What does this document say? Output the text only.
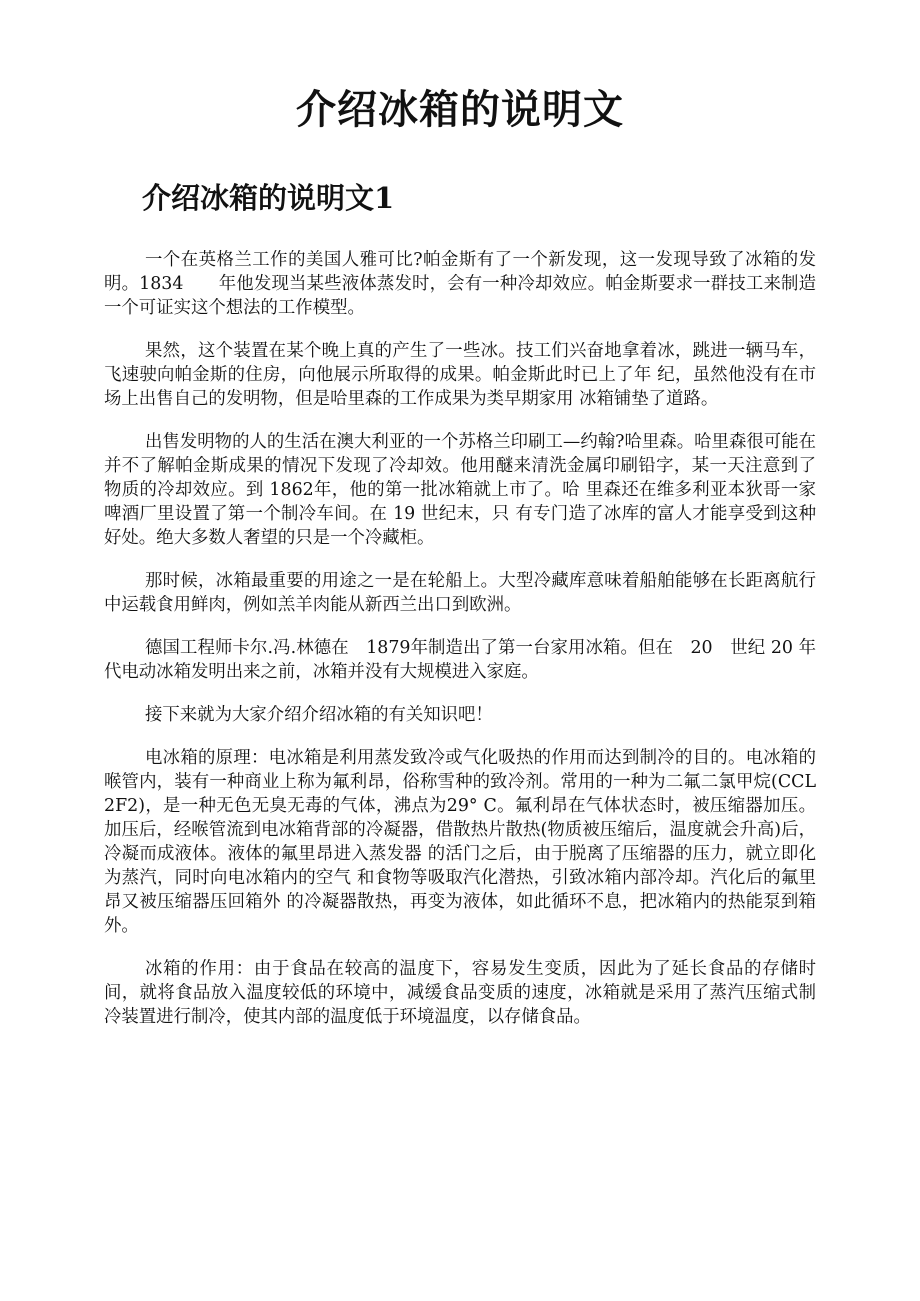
介绍冰箱的说明文
介绍冰箱的说明文1

一个在英格兰工作的美国人雅可比?帕金斯有了一个新发现，这一发现导致了冰箱的发明。1834　　年他发现当某些液体蒸发时，会有一种冷却效应。帕金斯要求一群技工来制造一个可证实这个想法的工作模型。

果然，这个装置在某个晚上真的产生了一些冰。技工们兴奋地拿着冰，跳进一辆马车，飞速驶向帕金斯的住房，向他展示所取得的成果。帕金斯此时已上了年 纪，虽然他没有在市场上出售自己的发明物，但是哈里森的工作成果为类早期家用 冰箱铺垫了道路。

出售发明物的人的生活在澳大利亚的一个苏格兰印刷工—约翰?哈里森。哈里森很可能在并不了解帕金斯成果的情况下发现了冷却效。他用醚来清洗金属印刷铅字，某一天注意到了物质的冷却效应。到 1862年，他的第一批冰箱就上市了。哈 里森还在维多利亚本狄哥一家啤酒厂里设置了第一个制冷车间。在 19 世纪末，只 有专门造了冰库的富人才能享受到这种好处。绝大多数人奢望的只是一个冷藏柜。

那时候，冰箱最重要的用途之一是在轮船上。大型冷藏库意味着船舶能够在长距离航行中运载食用鲜肉，例如羔羊肉能从新西兰出口到欧洲。

德国工程师卡尔.冯.林德在　1879年制造出了第一台家用冰箱。但在　20　世纪 20 年代电动冰箱发明出来之前，冰箱并没有大规模进入家庭。

接下来就为大家介绍介绍冰箱的有关知识吧！

电冰箱的原理：电冰箱是利用蒸发致冷或气化吸热的作用而达到制冷的目的。电冰箱的喉管内，装有一种商业上称为氟利昂，俗称雪种的致冷剂。常用的一种为二氟二氯甲烷(CCL2F2)，是一种无色无臭无毒的气体，沸点为29° C。氟利昂在气体状态时，被压缩器加压。加压后，经喉管流到电冰箱背部的冷凝器，借散热片散热(物质被压缩后，温度就会升高)后，冷凝而成液体。液体的氟里昂进入蒸发器 的活门之后，由于脱离了压缩器的压力，就立即化为蒸汽，同时向电冰箱内的空气 和食物等吸取汽化潜热，引致冰箱内部冷却。汽化后的氟里昂又被压缩器压回箱外 的冷凝器散热，再变为液体，如此循环不息，把冰箱内的热能泵到箱外。

冰箱的作用：由于食品在较高的温度下，容易发生变质，因此为了延长食品的存储时间，就将食品放入温度较低的环境中，减缓食品变质的速度，冰箱就是采用了蒸汽压缩式制冷装置进行制冷，使其内部的温度低于环境温度，以存储食品。
